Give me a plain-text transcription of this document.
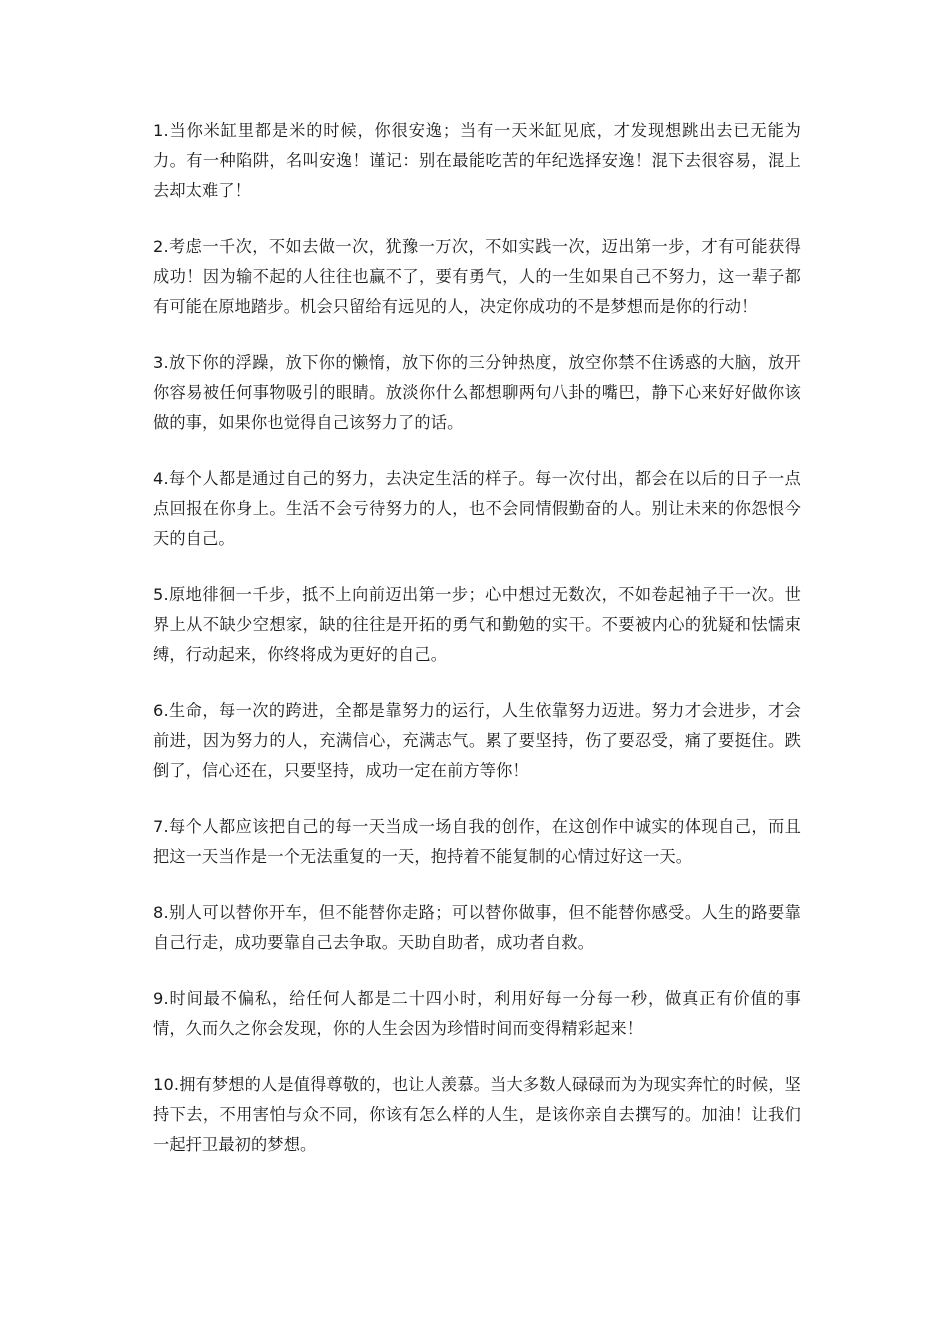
1.当你米缸里都是米的时候，你很安逸；当有一天米缸见底，才发现想跳出去已无能为力。有一种陷阱，名叫安逸！谨记：别在最能吃苦的年纪选择安逸！混下去很容易，混上去却太难了！

2.考虑一千次，不如去做一次，犹豫一万次，不如实践一次，迈出第一步，才有可能获得成功！因为输不起的人往往也赢不了，要有勇气，人的一生如果自己不努力，这一辈子都有可能在原地踏步。机会只留给有远见的人，决定你成功的不是梦想而是你的行动！

3.放下你的浮躁，放下你的懒惰，放下你的三分钟热度，放空你禁不住诱惑的大脑，放开你容易被任何事物吸引的眼睛。放淡你什么都想聊两句八卦的嘴巴，静下心来好好做你该做的事，如果你也觉得自己该努力了的话。

4.每个人都是通过自己的努力，去决定生活的样子。每一次付出，都会在以后的日子一点点回报在你身上。生活不会亏待努力的人，也不会同情假勤奋的人。别让未来的你怨恨今天的自己。

5.原地徘徊一千步，抵不上向前迈出第一步；心中想过无数次，不如卷起袖子干一次。世界上从不缺少空想家，缺的往往是开拓的勇气和勤勉的实干。不要被内心的犹疑和怯懦束缚，行动起来，你终将成为更好的自己。

6.生命，每一次的跨进，全都是靠努力的运行，人生依靠努力迈进。努力才会进步，才会前进，因为努力的人，充满信心，充满志气。累了要坚持，伤了要忍受，痛了要挺住。跌倒了，信心还在，只要坚持，成功一定在前方等你！

7.每个人都应该把自己的每一天当成一场自我的创作，在这创作中诚实的体现自己，而且把这一天当作是一个无法重复的一天，抱持着不能复制的心情过好这一天。

8.别人可以替你开车，但不能替你走路；可以替你做事，但不能替你感受。人生的路要靠自己行走，成功要靠自己去争取。天助自助者，成功者自救。

9.时间最不偏私，给任何人都是二十四小时，利用好每一分每一秒，做真正有价值的事情，久而久之你会发现，你的人生会因为珍惜时间而变得精彩起来！

10.拥有梦想的人是值得尊敬的，也让人羡慕。当大多数人碌碌而为为现实奔忙的时候，坚持下去，不用害怕与众不同，你该有怎么样的人生，是该你亲自去撰写的。加油！让我们一起扞卫最初的梦想。
